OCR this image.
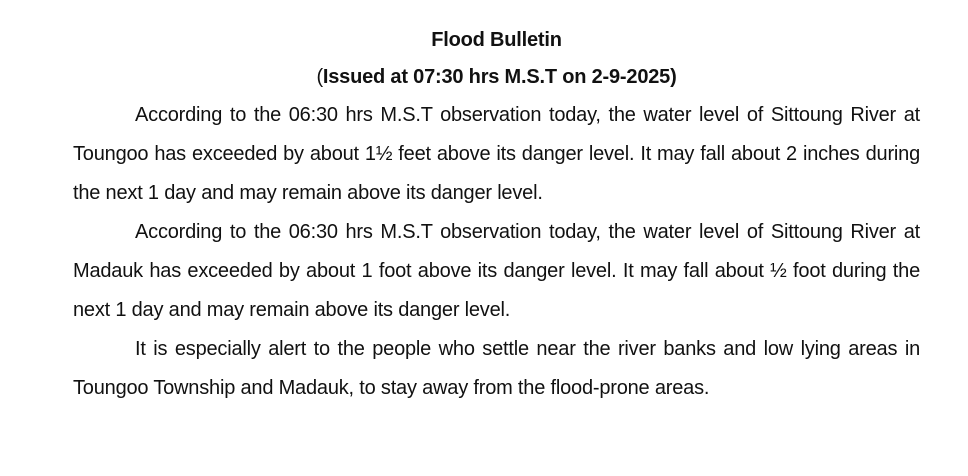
Flood Bulletin

(Issued at 07:30 hrs M.S.T on 2-9-2025)

According to the 06:30 hrs M.S.T observation today, the water level of Sittoung River at Toungoo has exceeded by about 1½ feet above its danger level. It may fall about 2 inches during the next 1 day and may remain above its danger level.

According to the 06:30 hrs M.S.T observation today, the water level of Sittoung River at Madauk has exceeded by about 1 foot above its danger level. It may fall about ½ foot during the next 1 day and may remain above its danger level.

It is especially alert to the people who settle near the river banks and low lying areas in Toungoo Township and Madauk, to stay away from the flood-prone areas.
